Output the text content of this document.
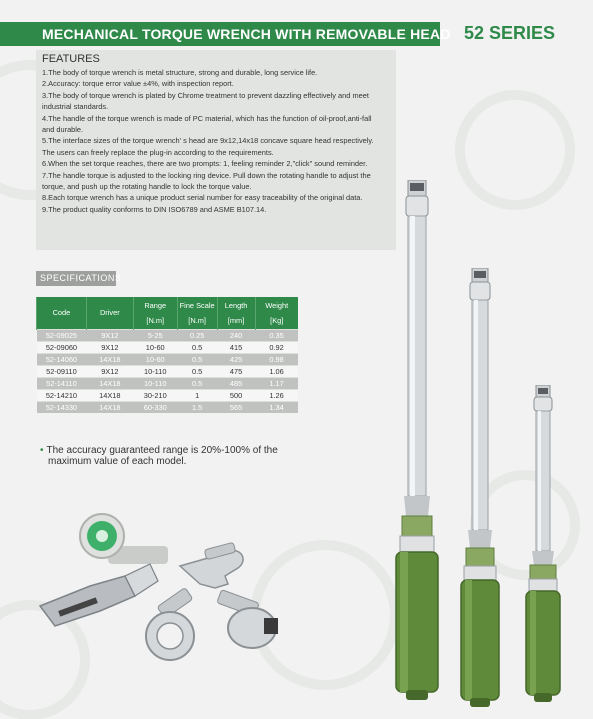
MECHANICAL TORQUE WRENCH WITH REMOVABLE HEAD 52 SERIES
FEATURES
1.The body of torque wrench is metal structure, strong and durable, long service life.
2.Accuracy: torque error value ±4%, with inspection report.
3.The body of torque wrench is plated by Chrome treatment to prevent dazzling effectively and meet
industrial standards.
4.The handle of the torque wrench is made of PC material, which has the function of oil-proof,anti-fall
and durable.
5.The interface sizes of the torque wrench' s head are 9x12,14x18 concave square head respectively.
The users can freely replace the plug-in according to the requirements.
6.When the set torque reaches, there are two prompts: 1, feeling reminder 2,"click" sound reminder.
7.The handle torque is adjusted to the locking ring device. Pull down the rotating handle to adjust the
torque, and push up the rotating handle to lock the torque value.
8.Each torque wrench has a unique product serial number for easy traceability of the original data.
9.The product quality conforms to DIN ISO6789 and ASME B107.14.
SPECIFICATIONS
Code	Driver	Range	Fine Scale	Length	Weight
		[N.m]	[N.m]	[mm]	[Kg]
52-09025	9X12	5-25	0.25	240	0.35
52-09060	9X12	10-60	0.5	415	0.92
52-14060	14X18	10-60	0.5	425	0.98
52-09110	9X12	10-110	0.5	475	1.06
52-14110	14X18	10-110	0.5	485	1.17
52-14210	14X18	30-210	1	500	1.26
52-14330	14X18	60-330	1.5	565	1.34
• The accuracy guaranteed range is 20%-100% of the
maximum value of each model.
